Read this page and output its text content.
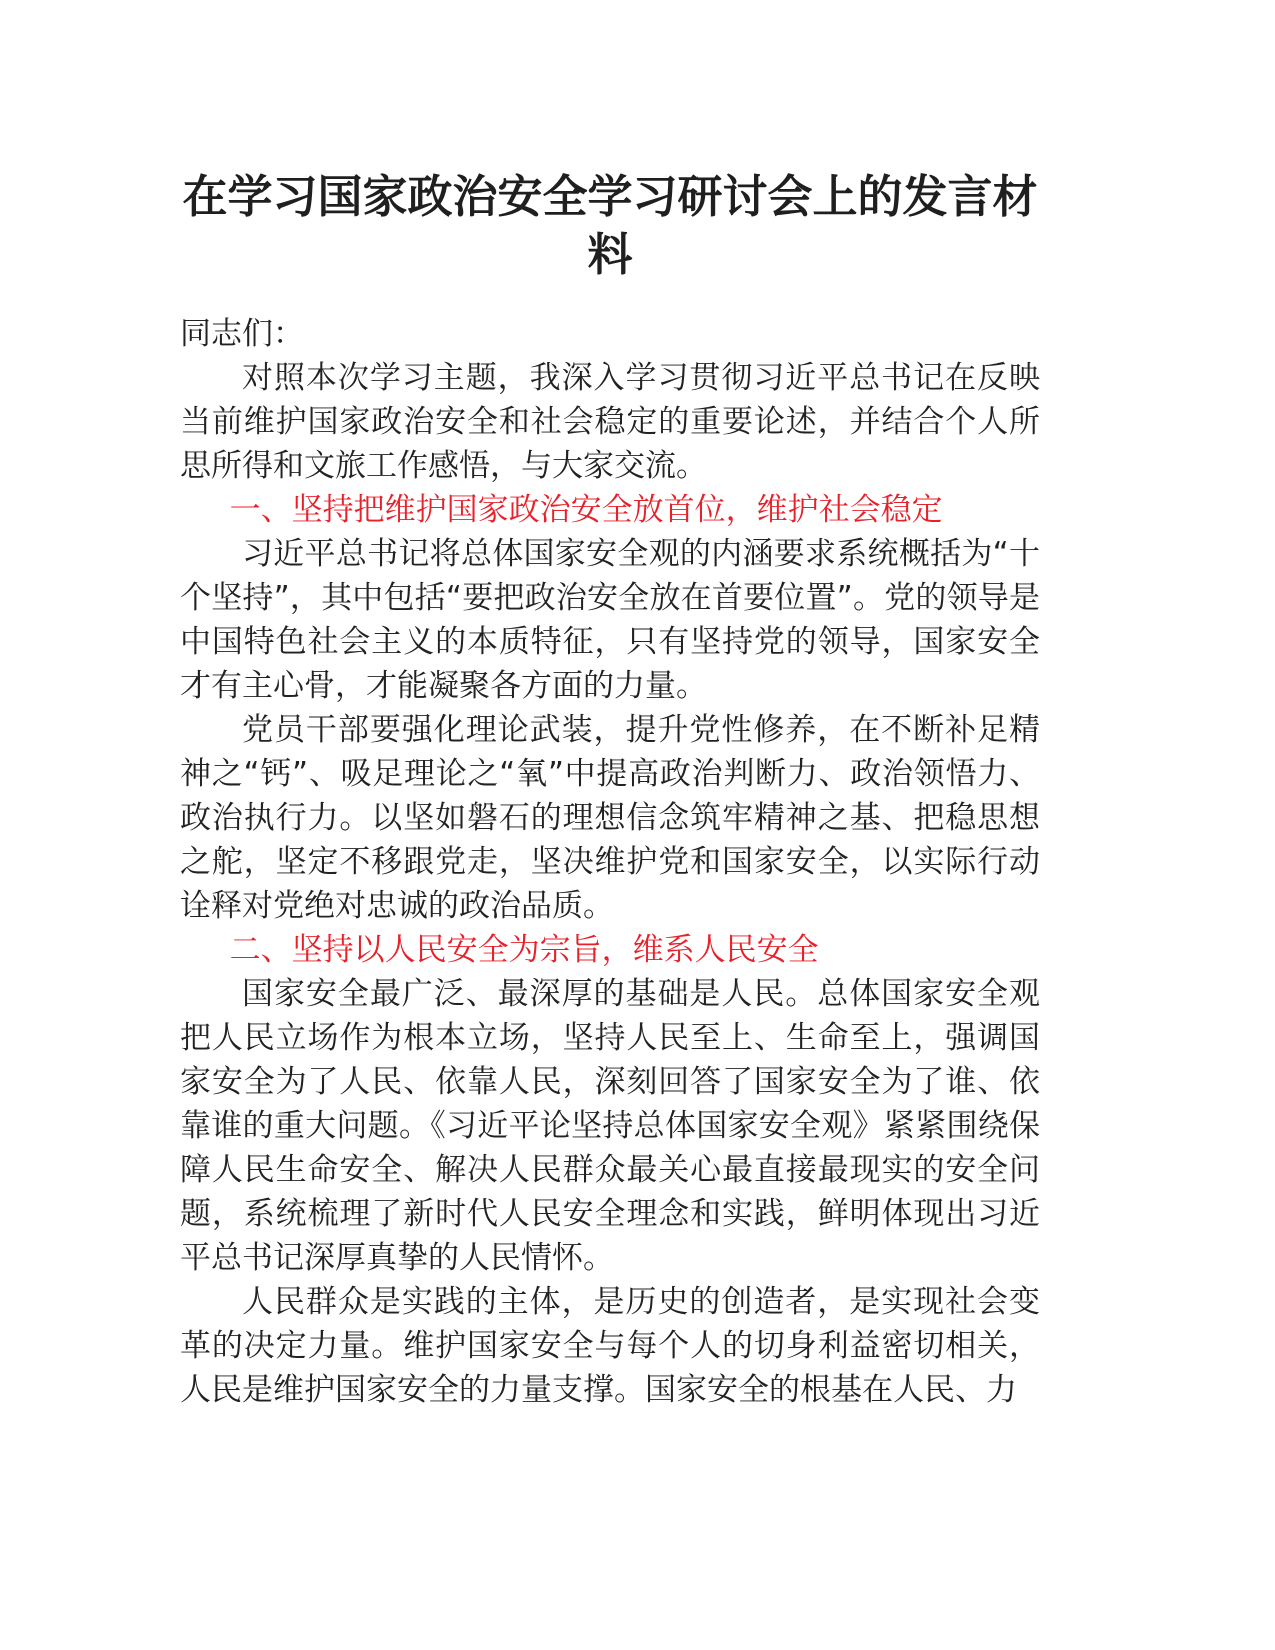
在学习国家政治安全学习研讨会上的发言材料

同志们：

对照本次学习主题，我深入学习贯彻习近平总书记在反映当前维护国家政治安全和社会稳定的重要论述，并结合个人所思所得和文旅工作感悟，与大家交流。

一、坚持把维护国家政治安全放首位，维护社会稳定

习近平总书记将总体国家安全观的内涵要求系统概括为“十个坚持”，其中包括“要把政治安全放在首要位置”。党的领导是中国特色社会主义的本质特征，只有坚持党的领导，国家安全才有主心骨，才能凝聚各方面的力量。

党员干部要强化理论武装，提升党性修养，在不断补足精神之“钙”、吸足理论之“氧”中提高政治判断力、政治领悟力、政治执行力。以坚如磐石的理想信念筑牢精神之基、把稳思想之舵，坚定不移跟党走，坚决维护党和国家安全，以实际行动诠释对党绝对忠诚的政治品质。

二、坚持以人民安全为宗旨，维系人民安全

国家安全最广泛、最深厚的基础是人民。总体国家安全观把人民立场作为根本立场，坚持人民至上、生命至上，强调国家安全为了人民、依靠人民，深刻回答了国家安全为了谁、依靠谁的重大问题。《习近平论坚持总体国家安全观》紧紧围绕保障人民生命安全、解决人民群众最关心最直接最现实的安全问题，系统梳理了新时代人民安全理念和实践，鲜明体现出习近平总书记深厚真挚的人民情怀。

人民群众是实践的主体，是历史的创造者，是实现社会变革的决定力量。维护国家安全与每个人的切身利益密切相关，人民是维护国家安全的力量支撑。国家安全的根基在人民、力
